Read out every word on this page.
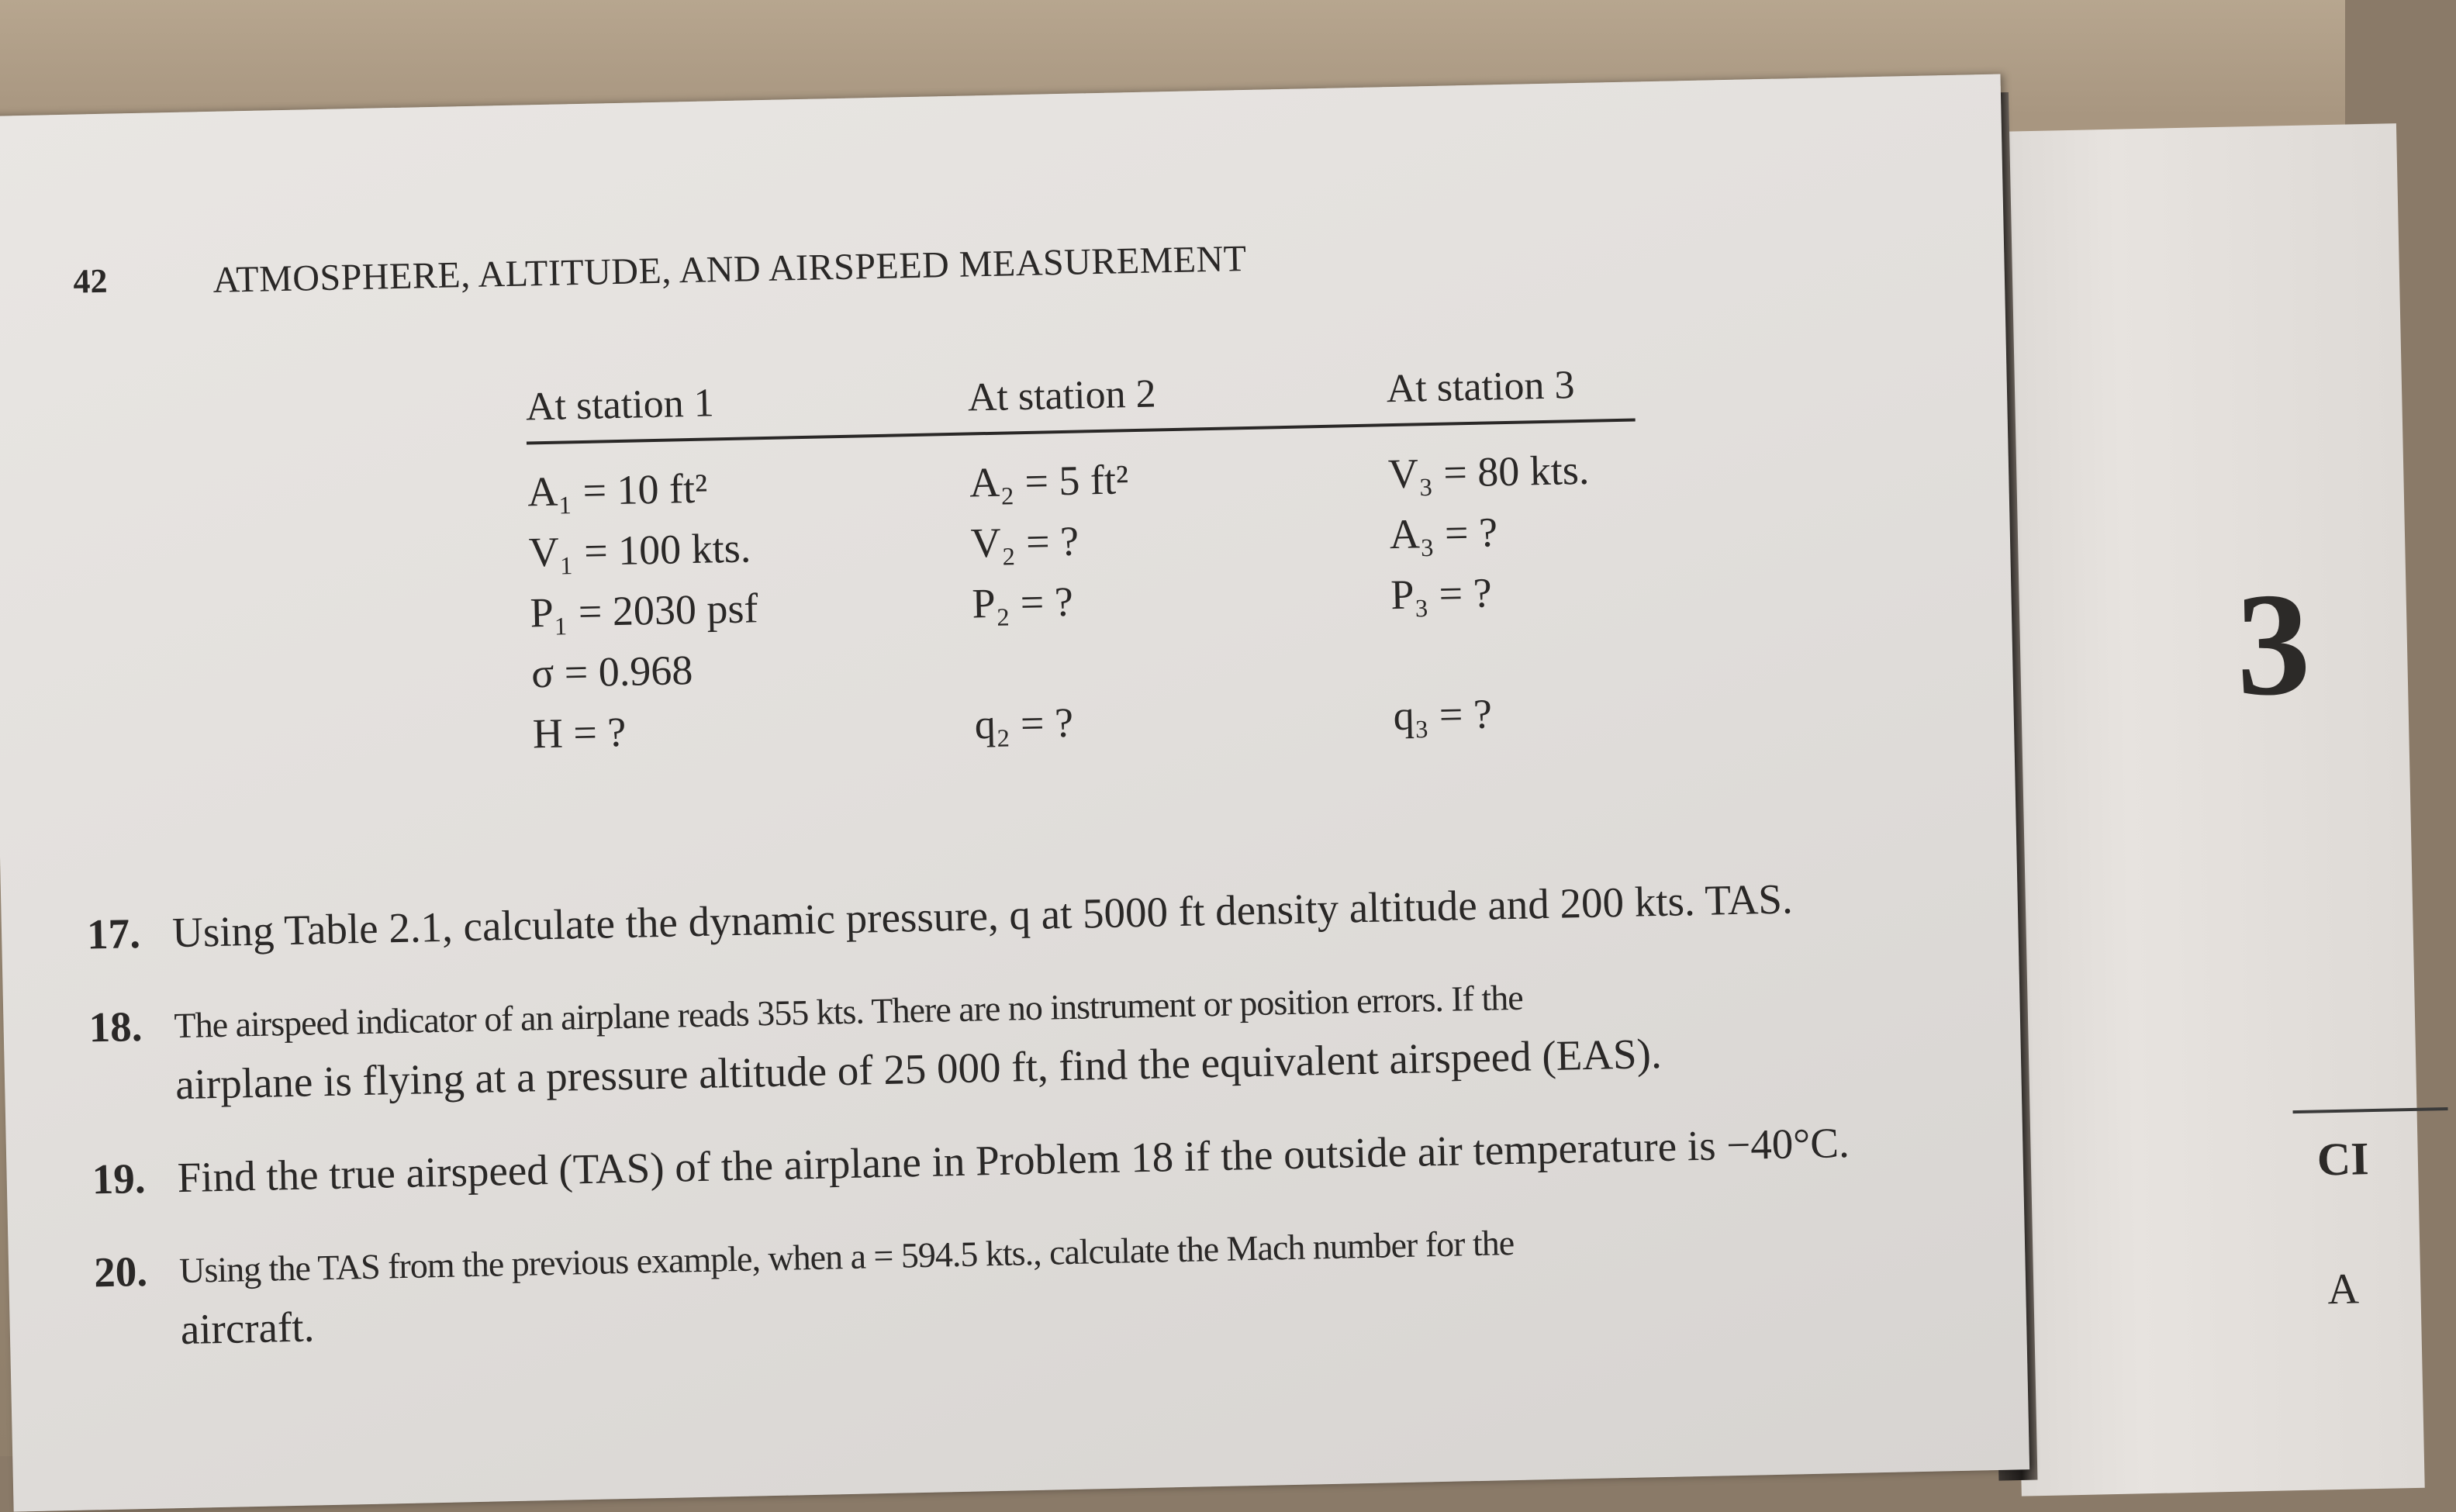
3
CI
A
42	ATMOSPHERE, ALTITUDE, AND AIRSPEED MEASUREMENT
At station 1
A₁ = 10 ft²
V₁ = 100 kts.
P₁ = 2030 psf
σ = 0.968
H = ?
At station 2
A₂ = 5 ft²
V₂ = ?
P₂ = ?
q₂ = ?
At station 3
V₃ = 80 kts.
A₃ = ?
P₃ = ?
q₃ = ?
17. Using Table 2.1, calculate the dynamic pressure, q at 5000 ft density altitude and 200 kts. TAS.
18. The airspeed indicator of an airplane reads 355 kts. There are no instrument or position errors. If the
airplane is flying at a pressure altitude of 25 000 ft, find the equivalent airspeed (EAS).
19. Find the true airspeed (TAS) of the airplane in Problem 18 if the outside air temperature is −40°C.
20. Using the TAS from the previous example, when a = 594.5 kts., calculate the Mach number for the
aircraft.
